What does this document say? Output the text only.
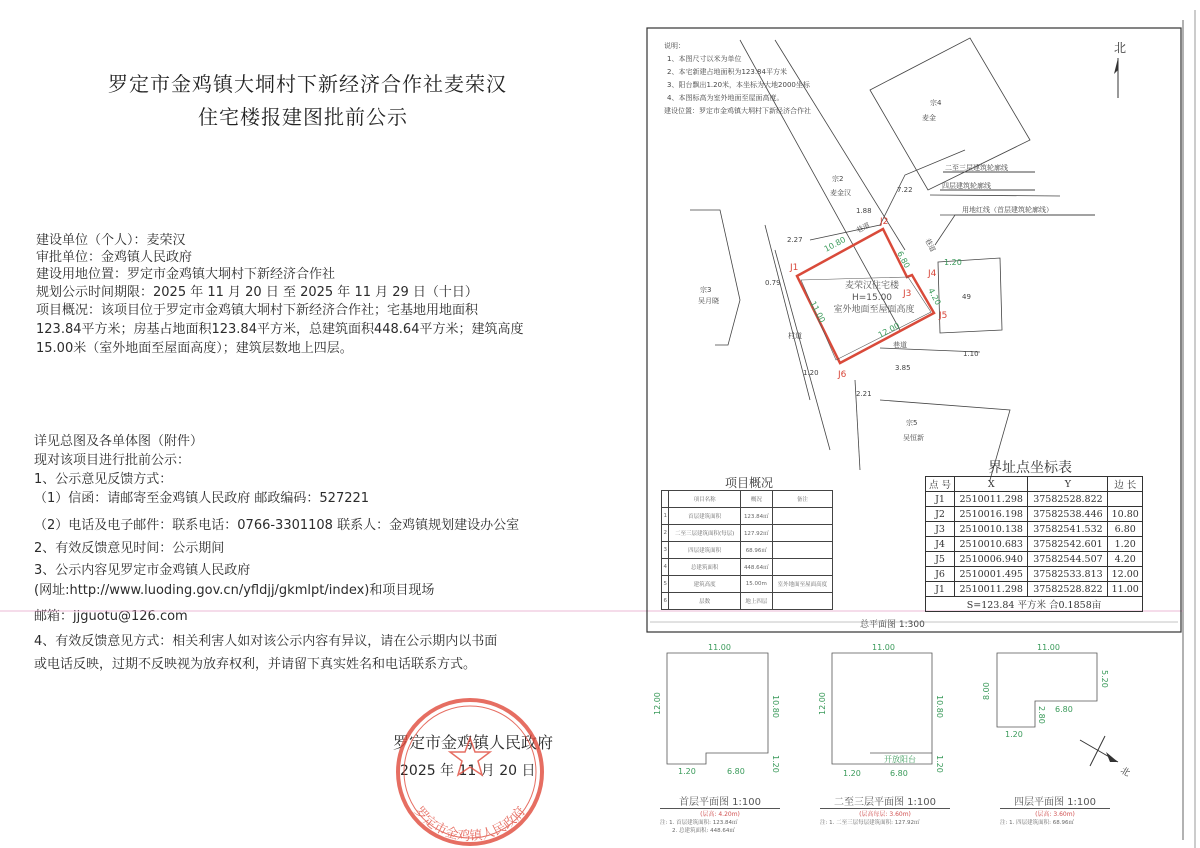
罗定市金鸡镇大垌村下新经济合作社麦荣汉
住宅楼报建图批前公示
建设单位（个人）：麦荣汉
审批单位：金鸡镇人民政府
建设用地位置：罗定市金鸡镇大垌村下新经济合作社
规划公示时间期限：2025 年 11 月 20 日 至 2025 年 11 月 29 日（十日）
项目概况：该项目位于罗定市金鸡镇大垌村下新经济合作社；宅基地用地面积
123.84平方米；房基占地面积123.84平方米，总建筑面积448.64平方米；建筑高度
15.00米（室外地面至屋面高度）；建筑层数地上四层。
详见总图及各单体图（附件）
现对该项目进行批前公示：
1、公示意见反馈方式：
（1）信函：请邮寄至金鸡镇人民政府 邮政编码：527221
（2）电话及电子邮件：联系电话：0766-3301108 联系人：金鸡镇规划建设办公室
2、有效反馈意见时间：公示期间
3、公示内容见罗定市金鸡镇人民政府
(网址:http://www.luoding.gov.cn/yfldjj/gkmlpt/index)和项目现场
邮箱：jjguotu@126.com
4、有效反馈意见方式：相关利害人如对该公示内容有异议，请在公示期内以书面
或电话反映，过期不反映视为放弃权利，并请留下真实姓名和电话联系方式。
罗定市金鸡镇人民政府
2025 年 11 月 20 日
罗定市金鸡镇人民政府
说明：
1、本图尺寸以米为单位
2、本宅新建占地面积为123.84平方米
3、阳台飘出1.20米，本坐标为大地2000坐标
4、本图标高为室外地面至屋面高度。
建设位置：罗定市金鸡镇大垌村下新经济合作社
北
J1
J2
J3
J4
J5
J6
10.80
6.80	1.20
4.20
12.00
11.00
1.88
2.27
0.79
1.20
2.21
3.85
1.10
7.22
麦荣汉住宅楼
H=15.00
室外地面至屋面高度
村道
巷道
巷道
巷道
宗2
麦金汉
宗4
麦金
宗3
吴月晓
宗5
吴恒新
49
二至三层建筑轮廓线
四层建筑轮廓线
用地红线（首层建筑轮廓线）
总平面图 1:300
11.00
12.00	10.80
1.20
1.20	6.80
11.00
12.00	10.80
1.20
1.20	6.80
开放阳台
11.00
8.00
5.20
2.80 6.80
1.20
北
项目概况
	项目名称	概况	备注
1	首层建筑面积	123.84㎡	
2	二至三层建筑面积(每层)	127.92㎡	
3	四层建筑面积	68.96㎡	
4	总建筑面积	448.64㎡	
5	建筑高度	15.00m	室外地面至屋面高度
6	层数	地上四层	
界址点坐标表
点 号	X	Y	边 长
J1	2510011.298	37582528.822	
J2	2510016.198	37582538.446	10.80
J3	2510010.138	37582541.532	6.80
J4	2510010.683	37582542.601	1.20
J5	2510006.940	37582544.507	4.20
J6	2510001.495	37582533.813	12.00
J1	2510011.298	37582528.822	11.00
S=123.84 平方米 合0.1858亩			
首层平面图 1:100
(层高: 4.20m)
注: 1. 首层建筑面积: 123.84㎡
2. 总建筑面积: 448.64㎡
二至三层平面图 1:100
(层高每层: 3.60m)
注: 1. 二至三层每层建筑面积: 127.92㎡
四层平面图 1:100
(层高: 3.60m)
注: 1. 四层建筑面积: 68.96㎡
